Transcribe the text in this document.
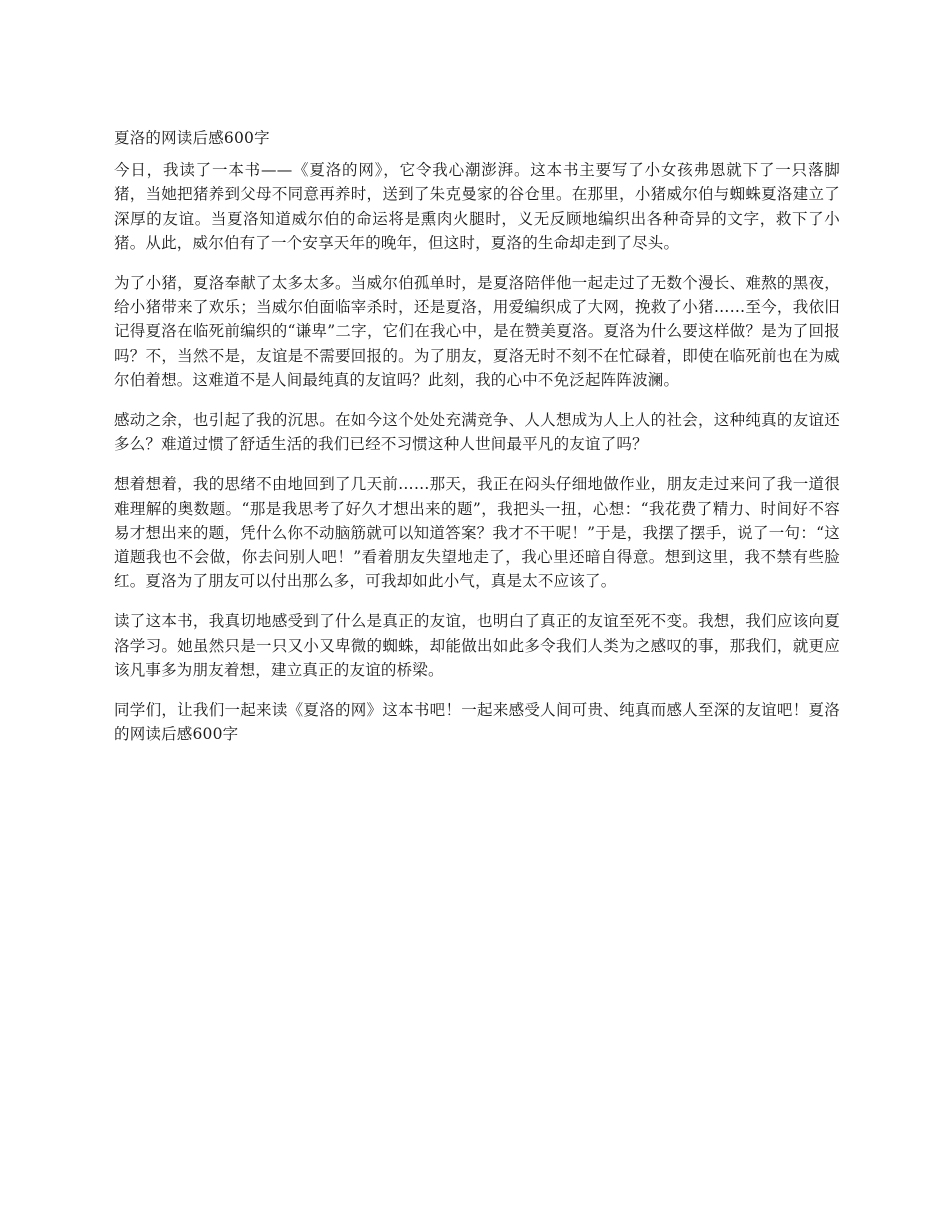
夏洛的网读后感600字

今日，我读了一本书——《夏洛的网》，它令我心潮澎湃。这本书主要写了小女孩弗恩就下了一只落脚猪，当她把猪养到父母不同意再养时，送到了朱克曼家的谷仓里。在那里，小猪威尔伯与蜘蛛夏洛建立了深厚的友谊。当夏洛知道威尔伯的命运将是熏肉火腿时，义无反顾地编织出各种奇异的文字，救下了小猪。从此，威尔伯有了一个安享天年的晚年，但这时，夏洛的生命却走到了尽头。

为了小猪，夏洛奉献了太多太多。当威尔伯孤单时，是夏洛陪伴他一起走过了无数个漫长、难熬的黑夜，给小猪带来了欢乐；当威尔伯面临宰杀时，还是夏洛，用爱编织成了大网，挽救了小猪……至今，我依旧记得夏洛在临死前编织的“谦卑”二字，它们在我心中，是在赞美夏洛。夏洛为什么要这样做？是为了回报吗？不，当然不是，友谊是不需要回报的。为了朋友，夏洛无时不刻不在忙碌着，即使在临死前也在为威尔伯着想。这难道不是人间最纯真的友谊吗？此刻，我的心中不免泛起阵阵波澜。

感动之余，也引起了我的沉思。在如今这个处处充满竞争、人人想成为人上人的社会，这种纯真的友谊还多么？难道过惯了舒适生活的我们已经不习惯这种人世间最平凡的友谊了吗？

想着想着，我的思绪不由地回到了几天前……那天，我正在闷头仔细地做作业，朋友走过来问了我一道很难理解的奥数题。“那是我思考了好久才想出来的题”，我把头一扭，心想：“我花费了精力、时间好不容易才想出来的题，凭什么你不动脑筋就可以知道答案？我才不干呢！”于是，我摆了摆手，说了一句：“这道题我也不会做，你去问别人吧！”看着朋友失望地走了，我心里还暗自得意。想到这里，我不禁有些脸红。夏洛为了朋友可以付出那么多，可我却如此小气，真是太不应该了。

读了这本书，我真切地感受到了什么是真正的友谊，也明白了真正的友谊至死不变。我想，我们应该向夏洛学习。她虽然只是一只又小又卑微的蜘蛛，却能做出如此多令我们人类为之感叹的事，那我们，就更应该凡事多为朋友着想，建立真正的友谊的桥梁。

同学们，让我们一起来读《夏洛的网》这本书吧！一起来感受人间可贵、纯真而感人至深的友谊吧！夏洛的网读后感600字
